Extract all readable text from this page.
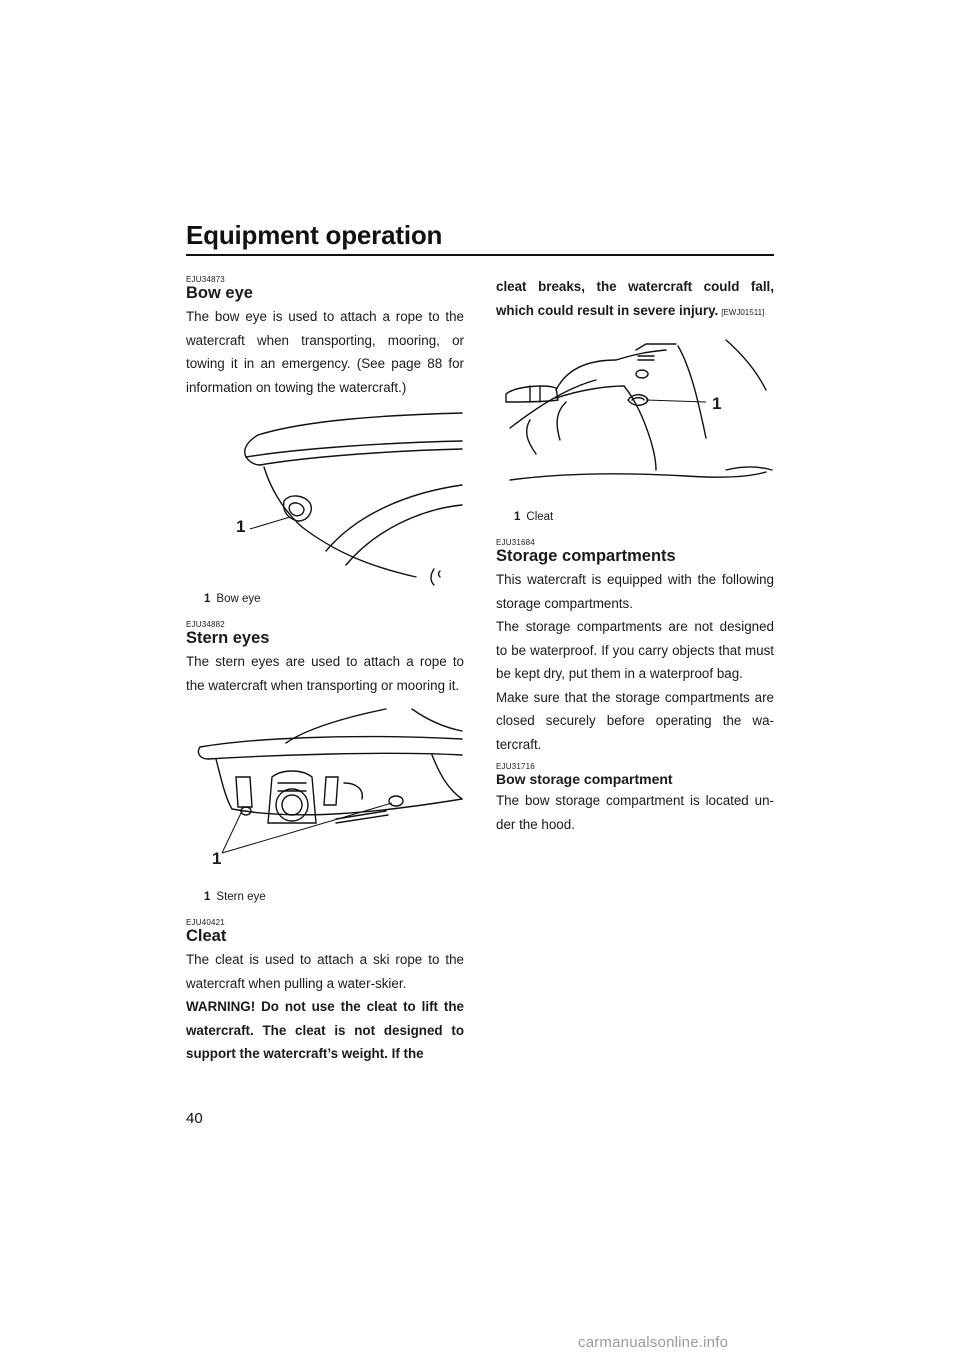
Equipment operation

EJU34873

Bow eye

The bow eye is used to attach a rope to the watercraft when transporting, mooring, or towing it in an emergency. (See page 88 for information on towing the watercraft.)

1
1 Bow eye

EJU34882

Stern eyes

The stern eyes are used to attach a rope to the watercraft when transporting or mooring it.

1
1 Stern eye

EJU40421

Cleat

The cleat is used to attach a ski rope to the watercraft when pulling a water-skier.

WARNING! Do not use the cleat to lift the watercraft. The cleat is not designed to support the watercraft’s weight. If the

cleat breaks, the watercraft could fall, which could result in severe injury. [EWJ01511]

1
1 Cleat

EJU31684

Storage compartments

This watercraft is equipped with the following storage compartments.

The storage compartments are not designed to be waterproof. If you carry objects that must be kept dry, put them in a waterproof bag.

Make sure that the storage compartments are closed securely before operating the wa-tercraft.

EJU31716

Bow storage compartment

The bow storage compartment is located un-der the hood.

40
carmanualsonline.info
